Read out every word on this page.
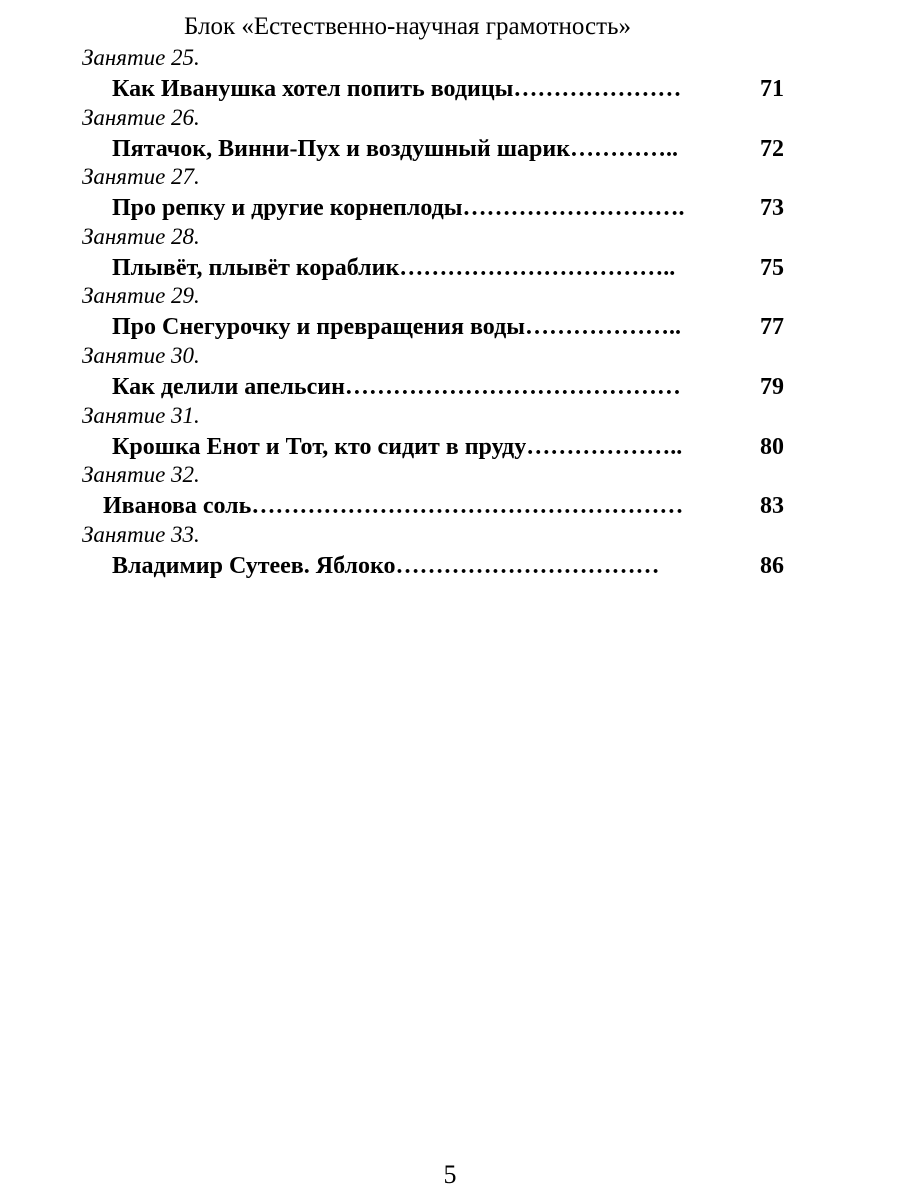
Блок «Естественно-научная грамотность»
Занятие 25.
Как Иванушка хотел попить водицы …………………	71
Занятие 26.
Пятачок, Винни-Пух и воздушный шарик …………..	72
Занятие 27.
Про репку и другие корнеплоды ……………………….	73
Занятие 28.
Плывёт, плывёт кораблик ……………………………..	75
Занятие 29.
Про Снегурочку и превращения воды ………………..	77
Занятие 30.
Как делили апельсин ……………………………………	79
Занятие 31.
Крошка Енот и Тот, кто сидит в пруду ………………..	80
Занятие 32.
Иванова соль ………………………………………………	83
Занятие 33.
Владимир Сутеев. Яблоко ……………………………	86
5
